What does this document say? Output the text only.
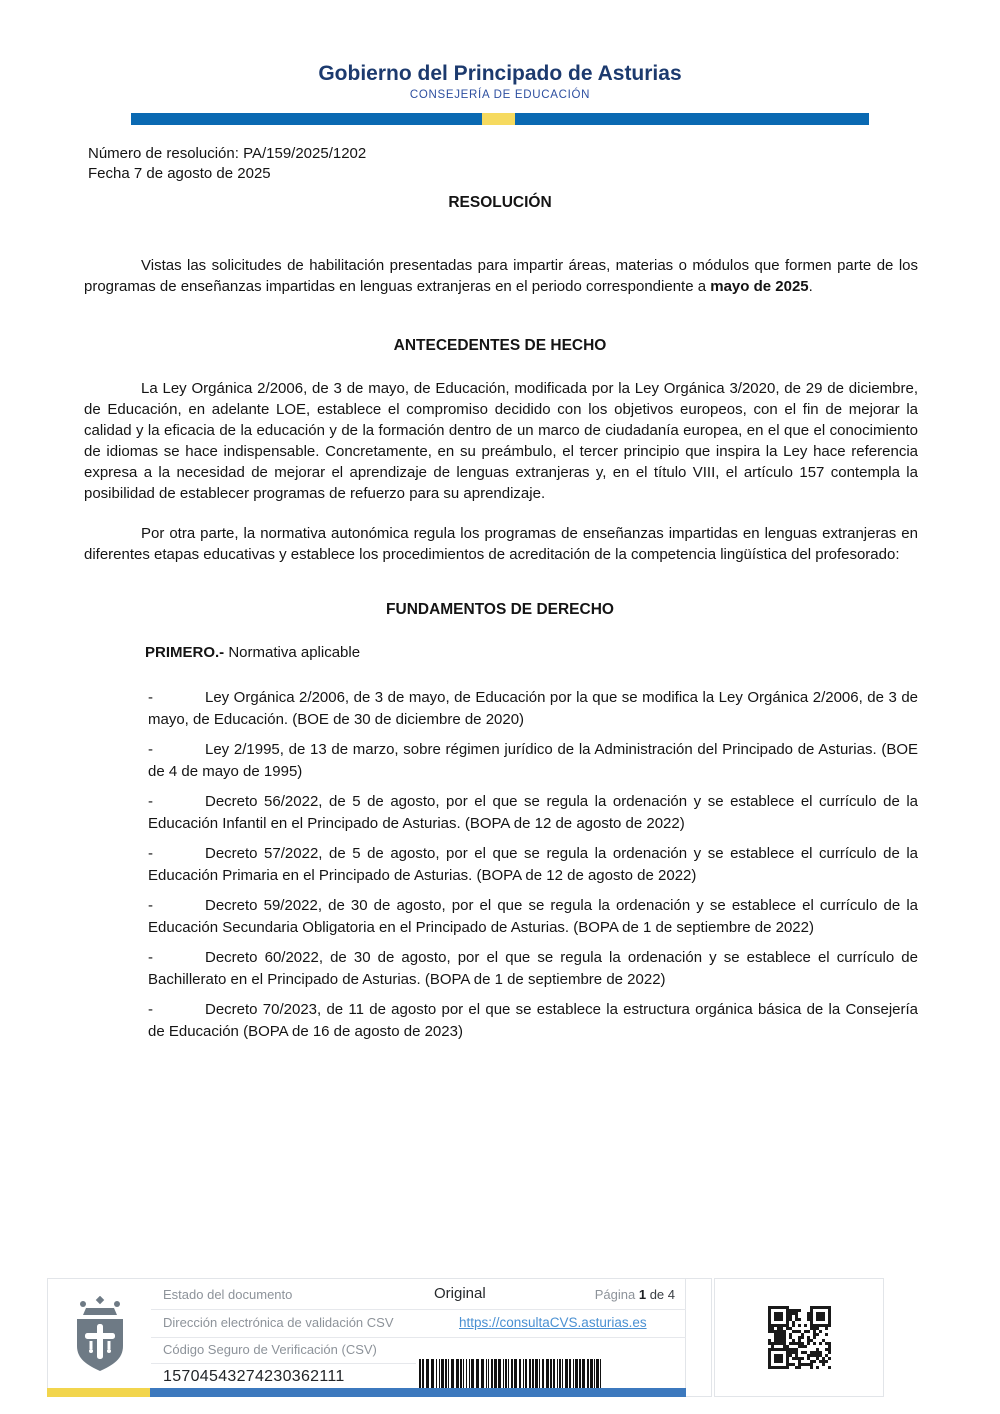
Gobierno del Principado de Asturias
CONSEJERÍA DE EDUCACIÓN
Número de resolución: PA/159/2025/1202
Fecha 7 de agosto de 2025
RESOLUCIÓN

Vistas las solicitudes de habilitación presentadas para impartir áreas, materias o módulos que formen parte de los programas de enseñanzas impartidas en lenguas extranjeras en el periodo correspondiente a mayo de 2025.

ANTECEDENTES DE HECHO

La Ley Orgánica 2/2006, de 3 de mayo, de Educación, modificada por la Ley Orgánica 3/2020, de 29 de diciembre, de Educación, en adelante LOE, establece el compromiso decidido con los objetivos europeos, con el fin de mejorar la calidad y la eficacia de la educación y de la formación dentro de un marco de ciudadanía europea, en el que el conocimiento de idiomas se hace indispensable. Concretamente, en su preámbulo, el tercer principio que inspira la Ley hace referencia expresa a la necesidad de mejorar el aprendizaje de lenguas extranjeras y, en el título VIII, el artículo 157 contempla la posibilidad de establecer programas de refuerzo para su aprendizaje.

Por otra parte, la normativa autonómica regula los programas de enseñanzas impartidas en lenguas extranjeras en diferentes etapas educativas y establece los procedimientos de acreditación de la competencia lingüística del profesorado:

FUNDAMENTOS DE DERECHO

PRIMERO.- Normativa aplicable

-	Ley Orgánica 2/2006, de 3 de mayo, de Educación por la que se modifica la Ley Orgánica 2/2006, de 3 de mayo, de Educación. (BOE de 30 de diciembre de 2020)
-	Ley 2/1995, de 13 de marzo, sobre régimen jurídico de la Administración del Principado de Asturias. (BOE de 4 de mayo de 1995)
-	Decreto 56/2022, de 5 de agosto, por el que se regula la ordenación y se establece el currículo de la Educación Infantil en el Principado de Asturias. (BOPA de 12 de agosto de 2022)
-	Decreto 57/2022, de 5 de agosto, por el que se regula la ordenación y se establece el currículo de la Educación Primaria en el Principado de Asturias. (BOPA de 12 de agosto de 2022)
-	Decreto 59/2022, de 30 de agosto, por el que se regula la ordenación y se establece el currículo de la Educación Secundaria Obligatoria en el Principado de Asturias. (BOPA de 1 de septiembre de 2022)
-	Decreto 60/2022, de 30 de agosto, por el que se regula la ordenación y se establece el currículo de Bachillerato en el Principado de Asturias. (BOPA de 1 de septiembre de 2022)
-	Decreto 70/2023, de 11 de agosto por el que se establece la estructura orgánica básica de la Consejería de Educación (BOPA de 16 de agosto de 2023)
Estado del documento	Original	Página 1 de 4
Dirección electrónica de validación CSV	https://consultaCVS.asturias.es
Código Seguro de Verificación (CSV)
15704543274230362111
